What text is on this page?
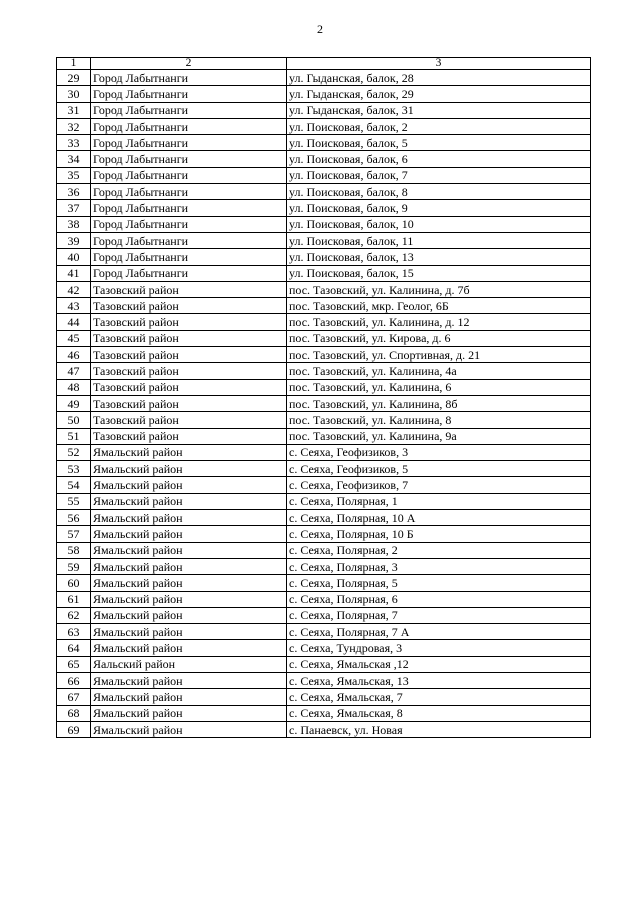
2
1	2	3
29	Город Лабытнанги	ул. Гыданская, балок, 28
30	Город Лабытнанги	ул. Гыданская, балок, 29
31	Город Лабытнанги	ул. Гыданская, балок, 31
32	Город Лабытнанги	ул. Поисковая, балок, 2
33	Город Лабытнанги	ул. Поисковая, балок, 5
34	Город Лабытнанги	ул. Поисковая, балок, 6
35	Город Лабытнанги	ул. Поисковая, балок, 7
36	Город Лабытнанги	ул. Поисковая, балок, 8
37	Город Лабытнанги	ул. Поисковая, балок, 9
38	Город Лабытнанги	ул. Поисковая, балок, 10
39	Город Лабытнанги	ул. Поисковая, балок, 11
40	Город Лабытнанги	ул. Поисковая, балок, 13
41	Город Лабытнанги	ул. Поисковая, балок, 15
42	Тазовский район	пос. Тазовский, ул. Калинина, д. 7б
43	Тазовский район	пос. Тазовский, мкр. Геолог, 6Б
44	Тазовский район	пос. Тазовский, ул. Калинина, д. 12
45	Тазовский район	пос. Тазовский, ул. Кирова, д. 6
46	Тазовский район	пос. Тазовский, ул. Спортивная, д. 21
47	Тазовский район	пос. Тазовский, ул. Калинина, 4а
48	Тазовский район	пос. Тазовский, ул. Калинина, 6
49	Тазовский район	пос. Тазовский, ул. Калинина, 8б
50	Тазовский район	пос. Тазовский, ул. Калинина, 8
51	Тазовский район	пос. Тазовский, ул. Калинина, 9а
52	Ямальский район	с. Сеяха, Геофизиков, 3
53	Ямальский район	с. Сеяха, Геофизиков, 5
54	Ямальский район	с. Сеяха, Геофизиков, 7
55	Ямальский район	с. Сеяха, Полярная, 1
56	Ямальский район	с. Сеяха, Полярная, 10 А
57	Ямальский район	с. Сеяха, Полярная, 10 Б
58	Ямальский район	с. Сеяха, Полярная, 2
59	Ямальский район	с. Сеяха, Полярная, 3
60	Ямальский район	с. Сеяха, Полярная, 5
61	Ямальский район	с. Сеяха, Полярная, 6
62	Ямальский район	с. Сеяха, Полярная, 7
63	Ямальский район	с. Сеяха, Полярная, 7 А
64	Ямальский район	с. Сеяха, Тундровая, 3
65	Яальский район	с. Сеяха, Ямальская ,12
66	Ямальский район	с. Сеяха, Ямальская, 13
67	Ямальский район	с. Сеяха, Ямальская, 7
68	Ямальский район	с. Сеяха, Ямальская, 8
69	Ямальский район	с. Панаевск, ул. Новая
